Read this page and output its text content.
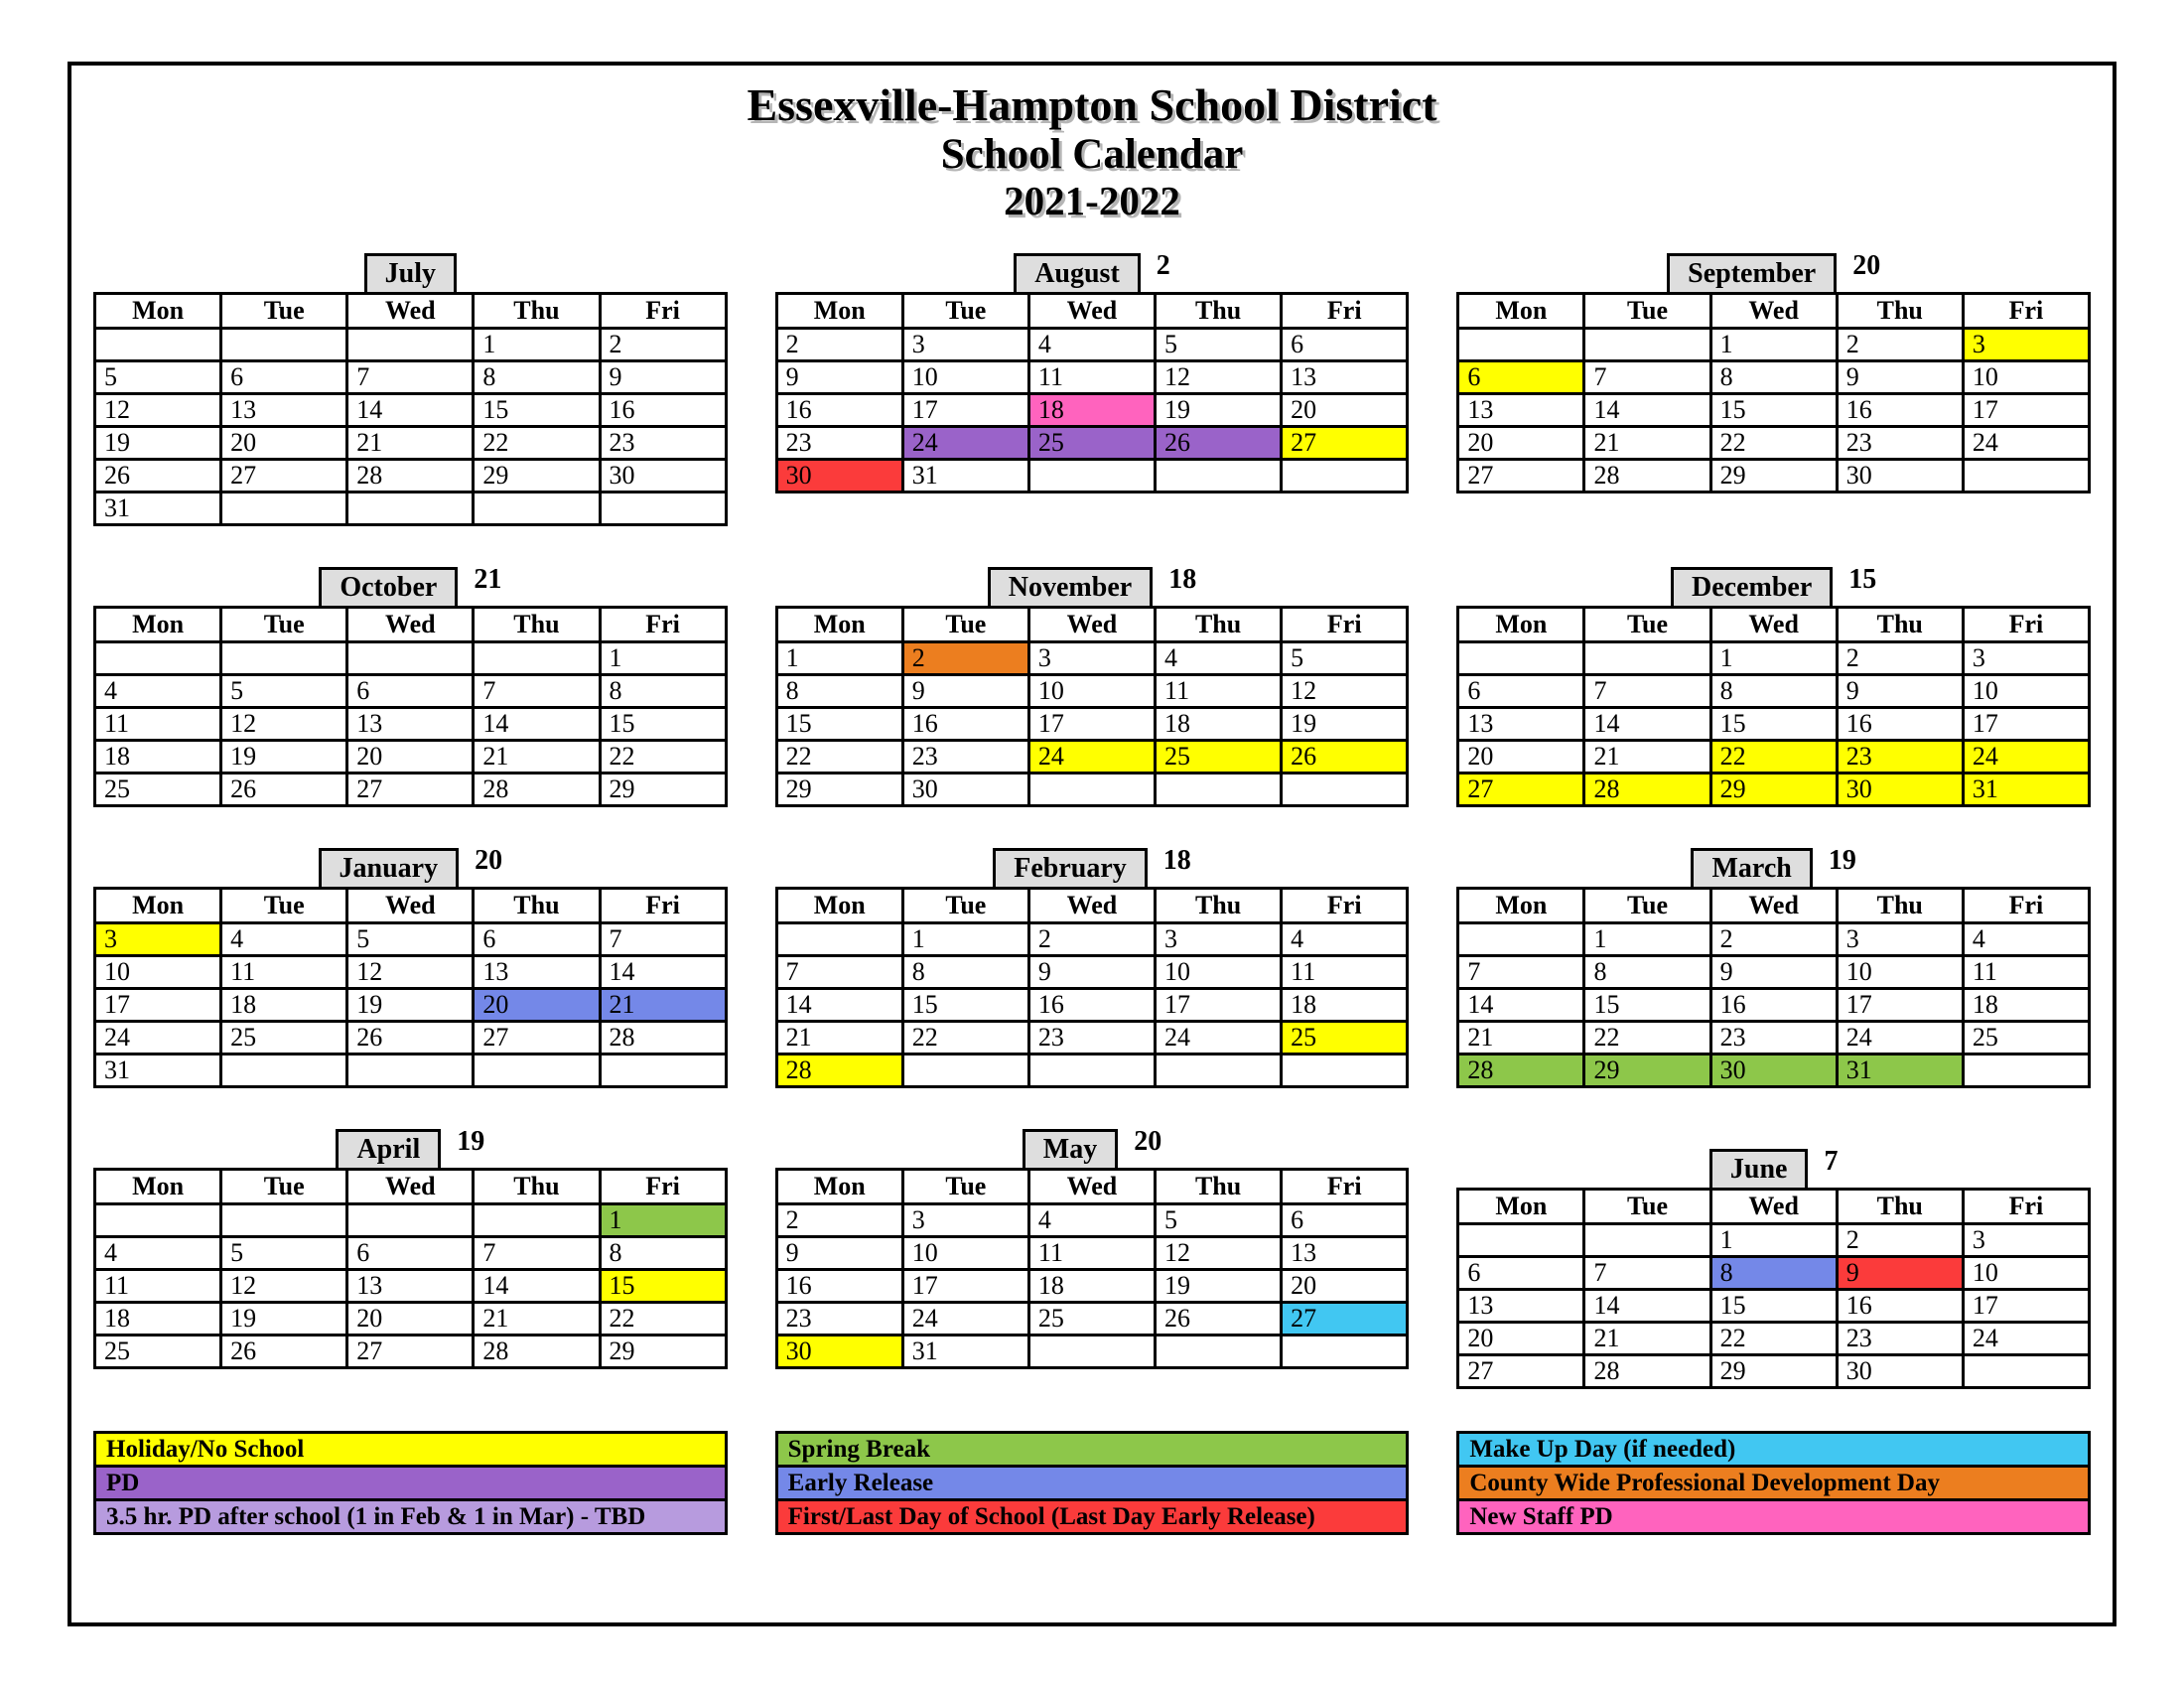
Essexville-Hampton School District
School Calendar
2021-2022
July
Mon	Tue	Wed	Thu	Fri
			1	2
5	6	7	8	9
12	13	14	15	16
19	20	21	22	23
26	27	28	29	30
31				
August	2
Mon	Tue	Wed	Thu	Fri
2	3	4	5	6
9	10	11	12	13
16	17	18	19	20
23	24	25	26	27
30	31			
September	20
Mon	Tue	Wed	Thu	Fri
		1	2	3
6	7	8	9	10
13	14	15	16	17
20	21	22	23	24
27	28	29	30	
October	21
Mon	Tue	Wed	Thu	Fri
				1
4	5	6	7	8
11	12	13	14	15
18	19	20	21	22
25	26	27	28	29
November	18
Mon	Tue	Wed	Thu	Fri
1	2	3	4	5
8	9	10	11	12
15	16	17	18	19
22	23	24	25	26
29	30			
December	15
Mon	Tue	Wed	Thu	Fri
		1	2	3
6	7	8	9	10
13	14	15	16	17
20	21	22	23	24
27	28	29	30	31
January	20
Mon	Tue	Wed	Thu	Fri
3	4	5	6	7
10	11	12	13	14
17	18	19	20	21
24	25	26	27	28
31				
February	18
Mon	Tue	Wed	Thu	Fri
	1	2	3	4
7	8	9	10	11
14	15	16	17	18
21	22	23	24	25
28				
March	19
Mon	Tue	Wed	Thu	Fri
	1	2	3	4
7	8	9	10	11
14	15	16	17	18
21	22	23	24	25
28	29	30	31	
April	19
Mon	Tue	Wed	Thu	Fri
				1
4	5	6	7	8
11	12	13	14	15
18	19	20	21	22
25	26	27	28	29
May	20
Mon	Tue	Wed	Thu	Fri
2	3	4	5	6
9	10	11	12	13
16	17	18	19	20
23	24	25	26	27
30	31			
June	7
Mon	Tue	Wed	Thu	Fri
		1	2	3
6	7	8	9	10
13	14	15	16	17
20	21	22	23	24
27	28	29	30	
Holiday/No School
PD
3.5 hr. PD after school (1 in Feb & 1 in Mar) - TBD
Spring Break
Early Release
First/Last Day of School (Last Day Early Release)
Make Up Day (if needed)
County Wide Professional Development Day
New Staff PD
